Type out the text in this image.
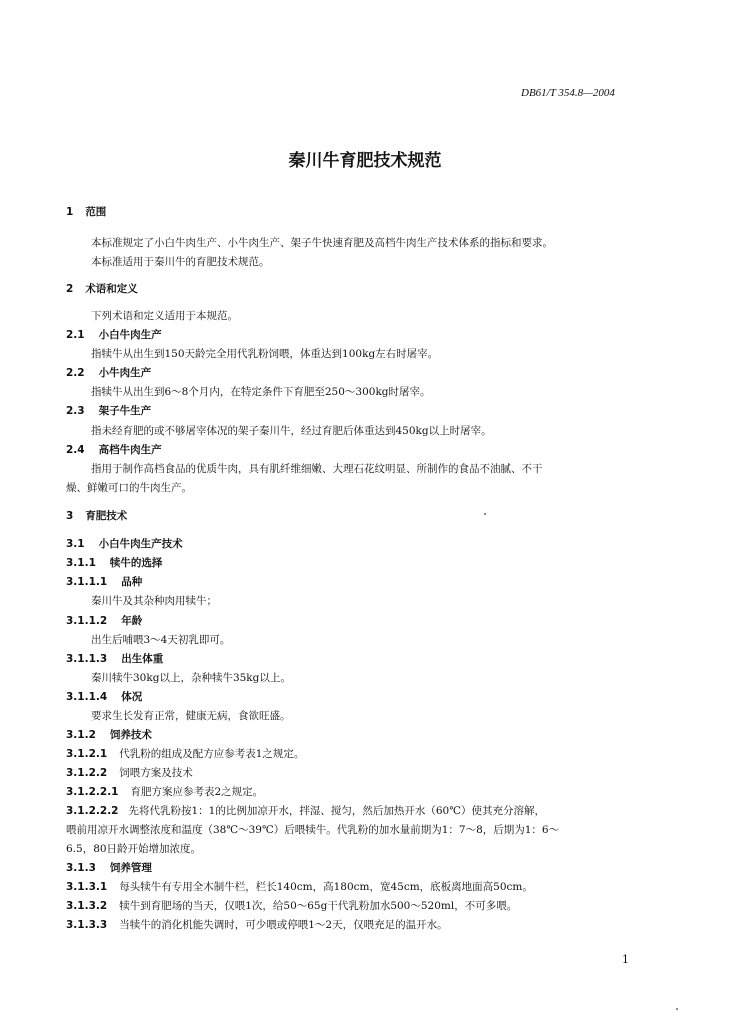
DB61/T 354.8—2004
秦川牛育肥技术规范
1 范围
本标准规定了小白牛肉生产、小牛肉生产、架子牛快速育肥及高档牛肉生产技术体系的指标和要求。
本标准适用于秦川牛的育肥技术规范。
2 术语和定义
下列术语和定义适用于本规范。
2.1 小白牛肉生产
指犊牛从出生到150天龄完全用代乳粉饲喂，体重达到100kg左右时屠宰。
2.2 小牛肉生产
指犊牛从出生到6～8个月内，在特定条件下育肥至250～300kg时屠宰。
2.3 架子牛生产
指未经育肥的或不够屠宰体况的架子秦川牛，经过育肥后体重达到450kg以上时屠宰。
2.4 高档牛肉生产
指用于制作高档食品的优质牛肉，具有肌纤维细嫩、大理石花纹明显、所制作的食品不油腻、不干
燥、鲜嫩可口的牛肉生产。
3 育肥技术
3.1 小白牛肉生产技术
3.1.1 犊牛的选择
3.1.1.1 品种
秦川牛及其杂种肉用犊牛；
3.1.1.2 年龄
出生后哺喂3～4天初乳即可。
3.1.1.3 出生体重
秦川犊牛30kg以上，杂种犊牛35kg以上。
3.1.1.4 体况
要求生长发育正常，健康无病，食欲旺盛。
3.1.2 饲养技术
3.1.2.1 代乳粉的组成及配方应参考表1之规定。
3.1.2.2 饲喂方案及技术
3.1.2.2.1 育肥方案应参考表2之规定。
3.1.2.2.2 先将代乳粉按1：1的比例加凉开水，拌湿、搅匀，然后加热开水（60℃）使其充分溶解，
喂前用凉开水调整浓度和温度（38℃～39℃）后喂犊牛。代乳粉的加水量前期为1：7～8，后期为1：6～
6.5，80日龄开始增加浓度。
3.1.3 饲养管理
3.1.3.1 每头犊牛有专用全木制牛栏，栏长140cm，高180cm，宽45cm，底板离地面高50cm。
3.1.3.2 犊牛到育肥场的当天，仅喂1次，给50～65g干代乳粉加水500～520ml，不可多喂。
3.1.3.3 当犊牛的消化机能失调时，可少喂或停喂1～2天，仅喂充足的温开水。
1
